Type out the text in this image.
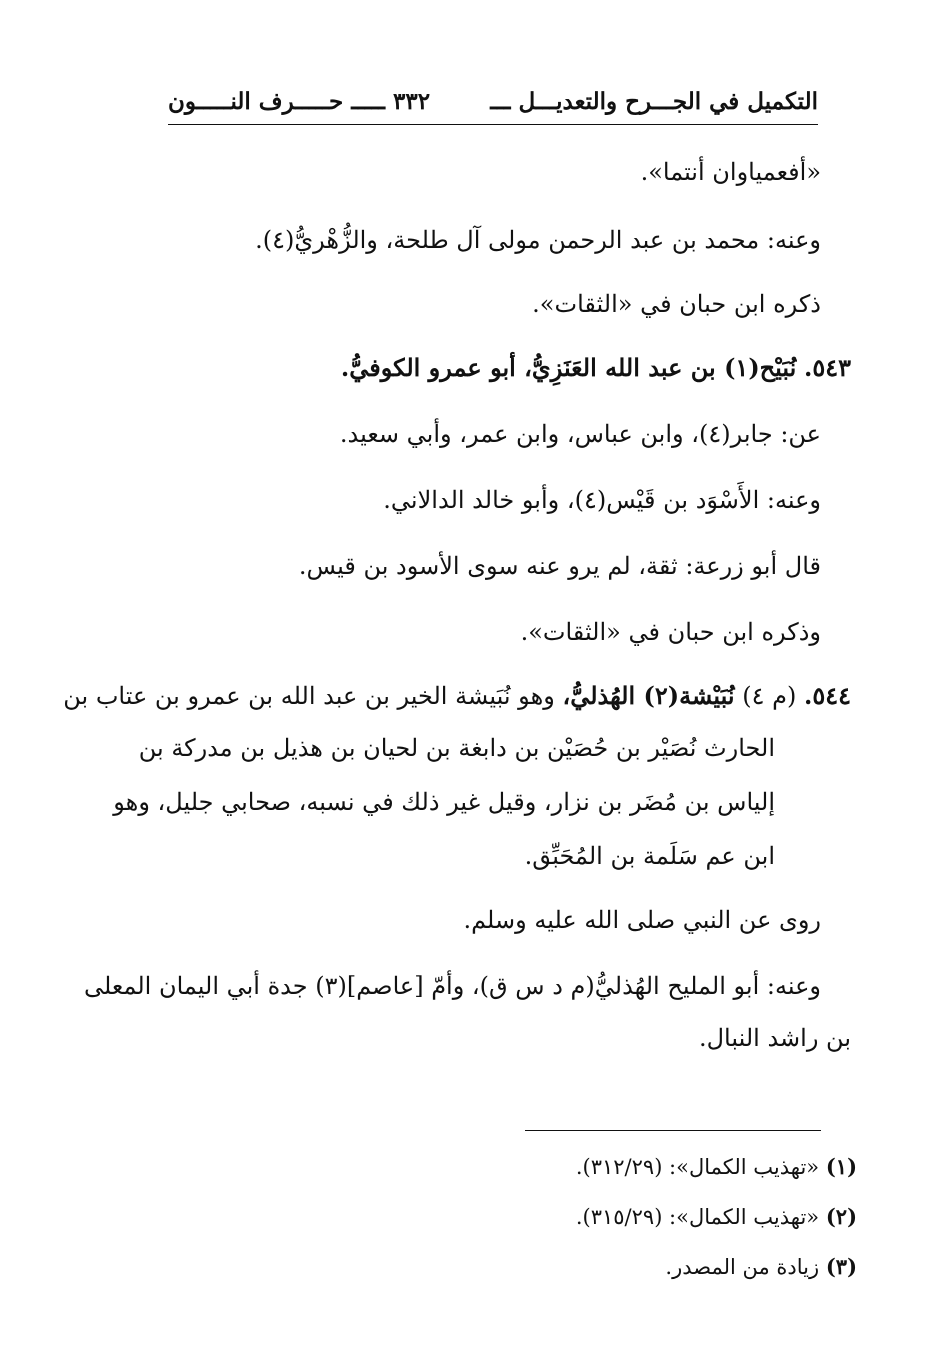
التكميل في الجـــرح والتعديـــل ـــ
٣٣٢
ـــــ حـــــرف النـــــون
«أفعمياوان أنتما».
وعنه: محمد بن عبد الرحمن مولى آل طلحة، والزُّهْريُّ(٤).
ذكره ابن حبان في «الثقات».
٥٤٣. نُبَيْح(١) بن عبد الله العَنَزِيُّ، أبو عمرو الكوفيُّ.
عن: جابر(٤)، وابن عباس، وابن عمر، وأبي سعيد.
وعنه: الأَسْوَد بن قَيْس(٤)، وأبو خالد الدالاني.
قال أبو زرعة: ثقة، لم يرو عنه سوى الأسود بن قيس.
وذكره ابن حبان في «الثقات».
٥٤٤. (م ٤) نُبَيْشة(٢) الهُذليُّ، وهو نُبَيشة الخير بن عبد الله بن عمرو بن عتاب بن
الحارث نُصَيْر بن حُصَيْن بن دابغة بن لحيان بن هذيل بن مدركة بن
إلياس بن مُضَر بن نزار، وقيل غير ذلك في نسبه، صحابي جليل، وهو
ابن عم سَلَمة بن المُحَبِّق.
روى عن النبي صلى الله عليه وسلم.
وعنه: أبو المليح الهُذليُّ(م د س ق)، وأمّ [عاصم](٣) جدة أبي اليمان المعلى
بن راشد النبال.
(١) «تهذيب الكمال»: (٣١٢/٢٩).
(٢) «تهذيب الكمال»: (٣١٥/٢٩).
(٣) زيادة من المصدر.
